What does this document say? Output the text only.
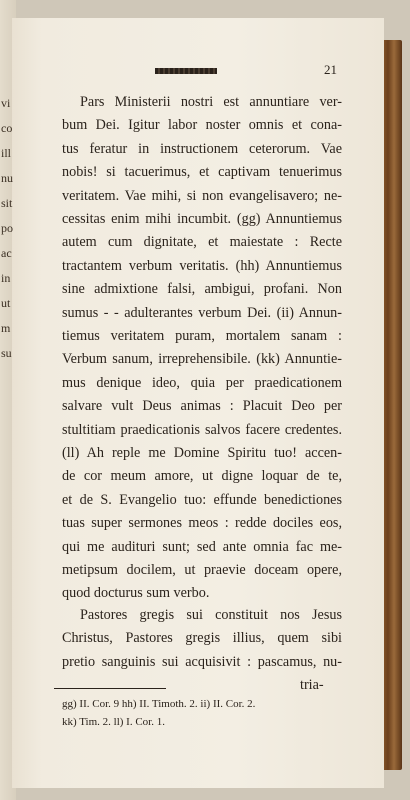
vi
co
ill
nu
sit
po
ac
in
ut
m
su
21
Pars Ministerii nostri est annuntiare ver-
bum Dei. Igitur labor noster omnis et cona-
tus feratur in instructionem ceterorum. Vae
nobis! si tacuerimus, et captivam tenuerimus
veritatem. Vae mihi, si non evangelisavero; ne-
cessitas enim mihi incumbit. (gg) Annuntiemus
autem cum dignitate, et maiestate : Recte
tractantem verbum veritatis. (hh) Annuntiemus
sine admixtione falsi, ambigui, profani. Non
sumus - - adulterantes verbum Dei. (ii) Annun-
tiemus veritatem puram, mortalem sanam :
Verbum sanum, irreprehensibile. (kk) Annuntie-
mus denique ideo, quia per praedicationem
salvare vult Deus animas : Placuit Deo per
stultitiam praedicationis salvos facere credentes.
(ll) Ah reple me Domine Spiritu tuo! accen-
de cor meum amore, ut digne loquar de te,
et de S. Evangelio tuo: effunde benedictiones
tuas super sermones meos : redde dociles eos,
qui me audituri sunt; sed ante omnia fac me-
metipsum docilem, ut praevie doceam opere,
quod docturus sum verbo.
Pastores gregis sui constituit nos Jesus
Christus, Pastores gregis illius, quem sibi
pretio sanguinis sui acquisivit : pascamus, nu-
tria-
gg) II. Cor. 9 hh) II. Timoth. 2. ii) II. Cor. 2.
kk) Tim. 2. ll) I. Cor. 1.
